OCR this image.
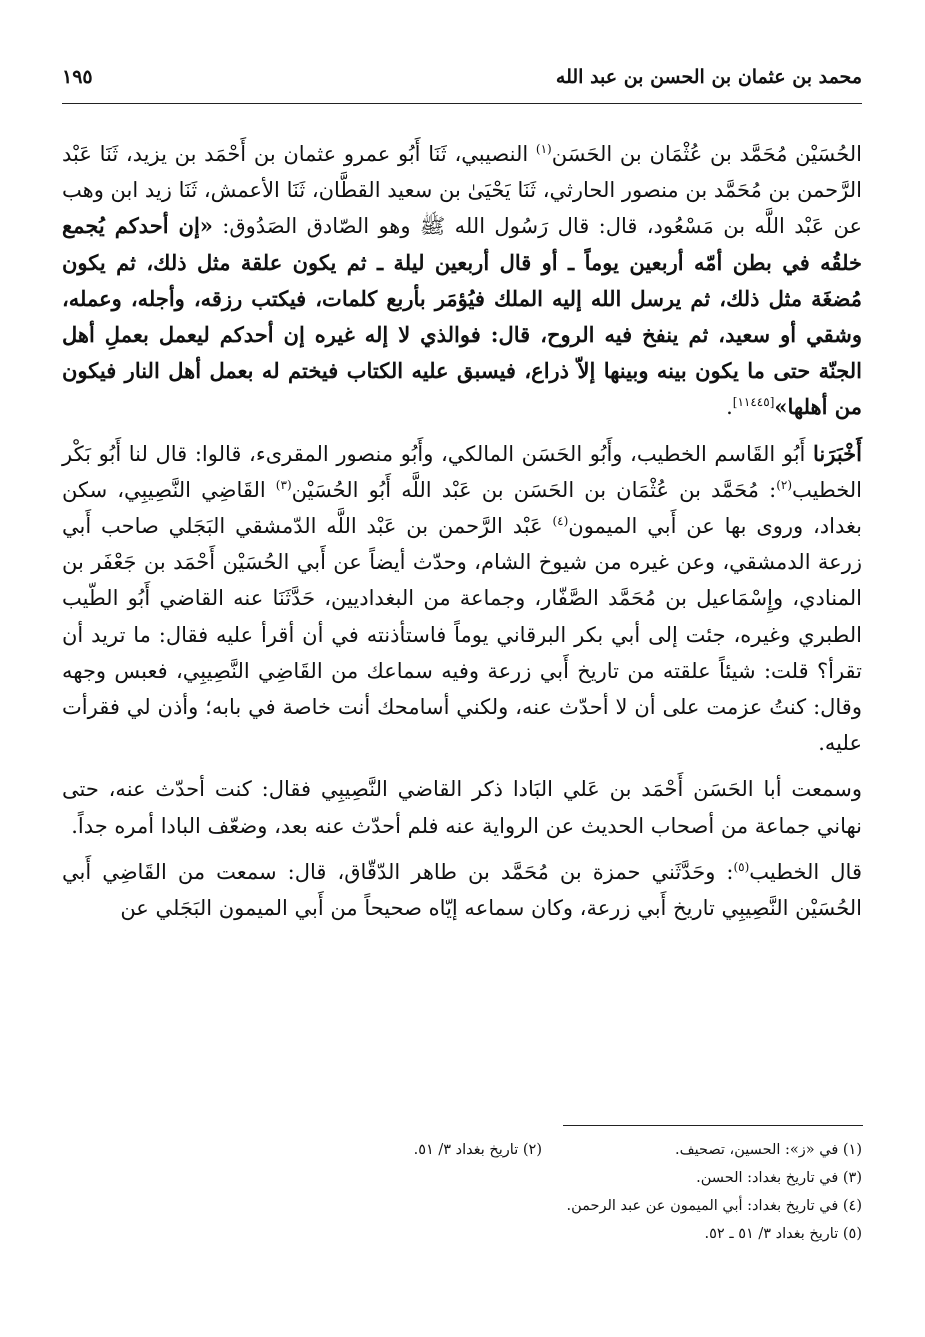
محمد بن عثمان بن الحسن بن عبد الله
١٩٥

الحُسَيْن مُحَمَّد بن عُثْمَان بن الحَسَن$^{(١)}$ النصيبي، ثَنَا أَبُو عمرو عثمان بن أَحْمَد بن يزيد، ثَنَا عَبْد الرَّحمن بن مُحَمَّد بن منصور الحارثي، ثَنَا يَحْيَىٰ بن سعيد القطَّان، ثَنَا الأعمش، ثَنَا زيد ابن وهب عن عَبْد اللَّه بن مَسْعُود، قال: قال رَسُول الله ﷺ وهو الصّادق الصَدُوق: «إن أحدكم يُجمع خلقُه في بطن أمّه أربعين يوماً ـ أو قال أربعين ليلة ـ ثم يكون علقة مثل ذلك، ثم يكون مُضغَة مثل ذلك، ثم يرسل الله إليه الملك فيُؤمَر بأربع كلمات، فيكتب رزقه، وأجله، وعمله، وشقي أو سعيد، ثم ينفخ فيه الروح، قال: فوالذي لا إله غيره إن أحدكم ليعمل بعملِ أهل الجنّة حتى ما يكون بينه وبينها إلاّ ذراع، فيسبق عليه الكتاب فيختم له بعمل أهل النار فيكون من أهلها»[١١٤٤٥].

أَخْبَرَنا أَبُو القَاسم الخطيب، وأَبُو الحَسَن المالكي، وأَبُو منصور المقرىء، قالوا: قال لنا أَبُو بَكْر الخطيب$^{(٢)}$: مُحَمَّد بن عُثْمَان بن الحَسَن بن عَبْد اللَّه أَبُو الحُسَيْن$^{(٣)}$ القَاضِي النَّصِيبِي، سكن بغداد، وروى بها عن أَبي الميمون$^{(٤)}$ عَبْد الرَّحمن بن عَبْد اللَّه الدّمشقي البَجَلي صاحب أَبي زرعة الدمشقي، وعن غيره من شيوخ الشام، وحدّث أيضاً عن أَبي الحُسَيْن أَحْمَد بن جَعْفَر بن المنادي، وإِسْمَاعيل بن مُحَمَّد الصَّفّار، وجماعة من البغداديين، حَدَّثَنَا عنه القاضي أَبُو الطّيب الطبري وغيره، جئت إلى أبي بكر البرقاني يوماً فاستأذنته في أن أقرأ عليه فقال: ما تريد أن تقرأ؟ قلت: شيئاً علقته من تاريخ أَبي زرعة وفيه سماعك من القَاضِي النَّصِيبِي، فعبس وجهه وقال: كنتُ عزمت على أن لا أحدّث عنه، ولكني أسامحك أنت خاصة في بابه؛ وأذن لي فقرأت عليه.

وسمعت أبا الحَسَن أَحْمَد بن عَلي البَادا ذكر القاضي النَّصِيبِي فقال: كنت أحدّث عنه، حتى نهاني جماعة من أصحاب الحديث عن الرواية عنه فلم أحدّث عنه بعد، وضعّف البادا أمره جداً.

قال الخطيب$^{(٥)}$: وحَدَّثَني حمزة بن مُحَمَّد بن طاهر الدّقّاق، قال: سمعت من القَاضِي أَبي الحُسَيْن النَّصِيبِي تاريخ أَبي زرعة، وكان سماعه إيّاه صحيحاً من أَبي الميمون البَجَلي عن

(١) في «ز»: الحسين، تصحيف.
(٢) تاريخ بغداد ٣/ ٥١.
(٣) في تاريخ بغداد: الحسن.
(٤) في تاريخ بغداد: أبي الميمون عن عبد الرحمن.
(٥) تاريخ بغداد ٣/ ٥١ ـ ٥٢.
